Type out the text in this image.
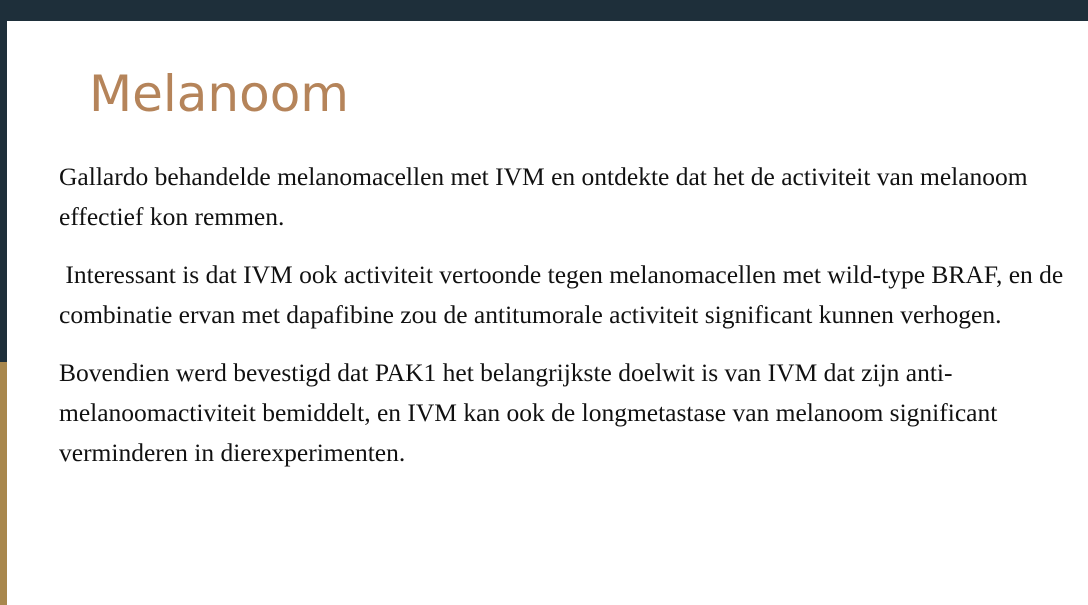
Melanoom

Gallardo behandelde melanomacellen met IVM en ontdekte dat het de activiteit van melanoom effectief kon remmen.

Interessant is dat IVM ook activiteit vertoonde tegen melanomacellen met wild-type BRAF, en de combinatie ervan met dapafibine zou de antitumorale activiteit significant kunnen verhogen.

Bovendien werd bevestigd dat PAK1 het belangrijkste doelwit is van IVM dat zijn anti-melanoomactiviteit bemiddelt, en IVM kan ook de longmetastase van melanoom significant verminderen in dierexperimenten.
